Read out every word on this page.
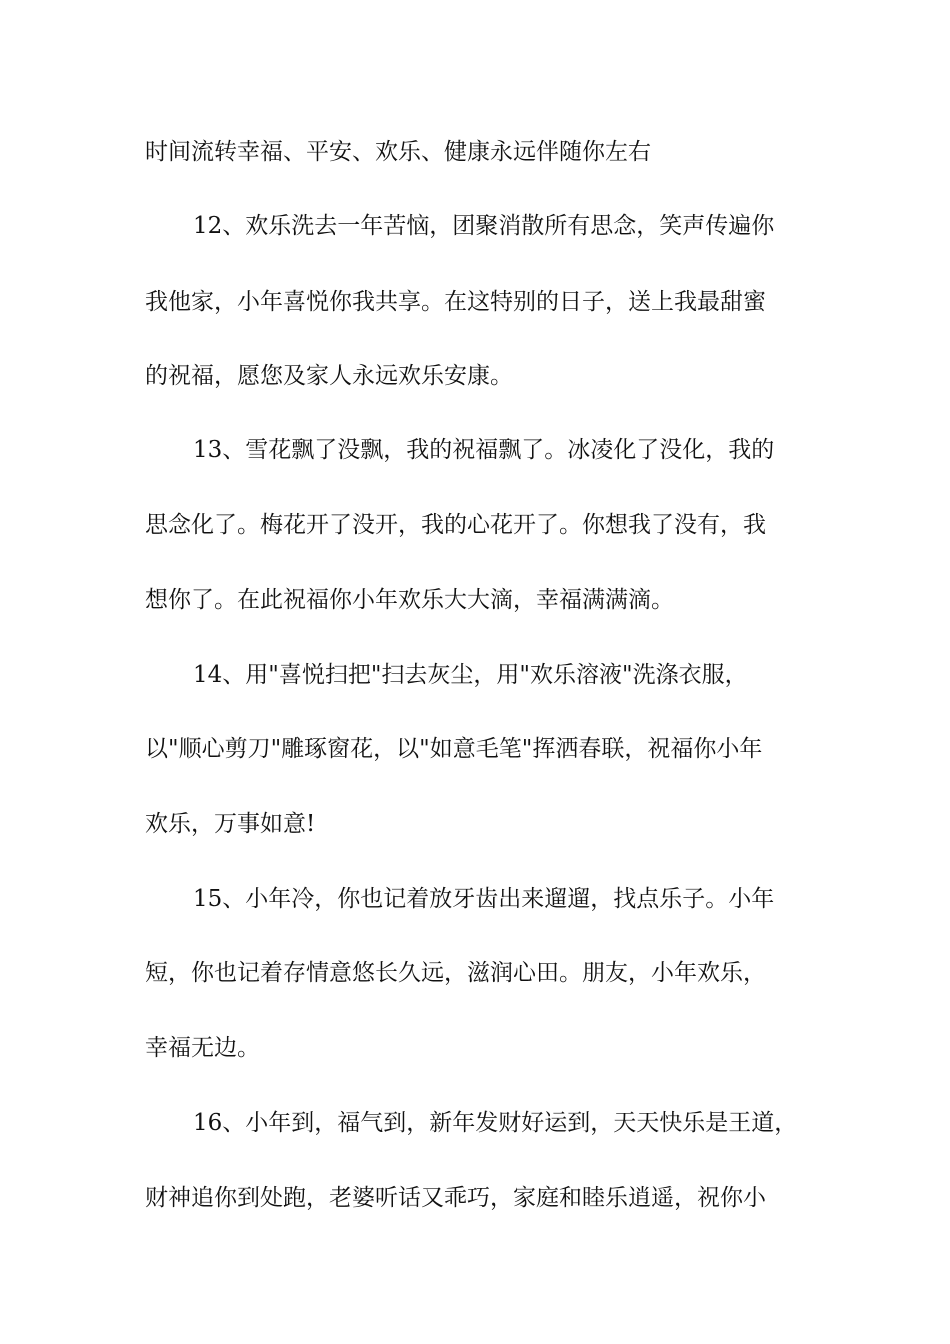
时间流转幸福、平安、欢乐、健康永远伴随你左右
12、欢乐洗去一年苦恼，团聚消散所有思念，笑声传遍你
我他家，小年喜悦你我共享。在这特别的日子，送上我最甜蜜
的祝福，愿您及家人永远欢乐安康。
13、雪花飘了没飘，我的祝福飘了。冰凌化了没化，我的
思念化了。梅花开了没开，我的心花开了。你想我了没有，我
想你了。在此祝福你小年欢乐大大滴，幸福满满滴。
14、用"喜悦扫把"扫去灰尘，用"欢乐溶液"洗涤衣服，
以"顺心剪刀"雕琢窗花，以"如意毛笔"挥洒春联，祝福你小年
欢乐，万事如意!
15、小年冷，你也记着放牙齿出来遛遛，找点乐子。小年
短，你也记着存情意悠长久远，滋润心田。朋友，小年欢乐，
幸福无边。
16、小年到，福气到，新年发财好运到，天天快乐是王道，
财神追你到处跑，老婆听话又乖巧，家庭和睦乐逍遥，祝你小
